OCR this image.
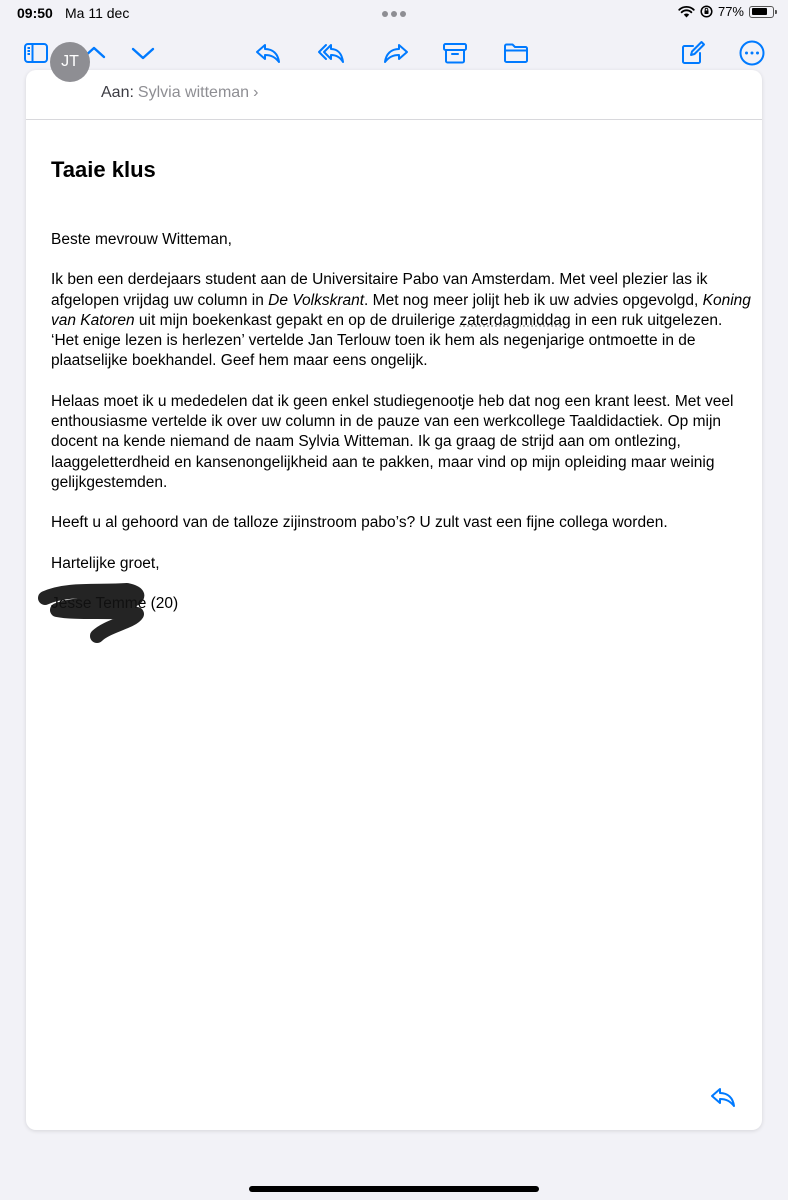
09:50 Ma 11 dec	77%
JT
Aan: Sylvia witteman ›
Taaie klus

Beste mevrouw Witteman,

Ik ben een derdejaars student aan de Universitaire Pabo van Amsterdam. Met veel plezier las ik afgelopen vrijdag uw column in De Volkskrant. Met nog meer jolijt heb ik uw advies opgevolgd, Koning van Katoren uit mijn boekenkast gepakt en op de druilerige zaterdagmiddag in een ruk uitgelezen. ‘Het enige lezen is herlezen’ vertelde Jan Terlouw toen ik hem als negenjarige ontmoette in de plaatselijke boekhandel. Geef hem maar eens ongelijk.

Helaas moet ik u mededelen dat ik geen enkel studiegenootje heb dat nog een krant leest. Met veel enthousiasme vertelde ik over uw column in de pauze van een werkcollege Taaldidactiek. Op mijn docent na kende niemand de naam Sylvia Witteman. Ik ga graag de strijd aan om ontlezing, laaggeletterdheid en kansenongelijkheid aan te pakken, maar vind op mijn opleiding maar weinig gelijkgestemden.

Heeft u al gehoord van de talloze zijinstroom pabo’s? U zult vast een fijne collega worden.

Hartelijke groet,

Jesse Temme (20)
